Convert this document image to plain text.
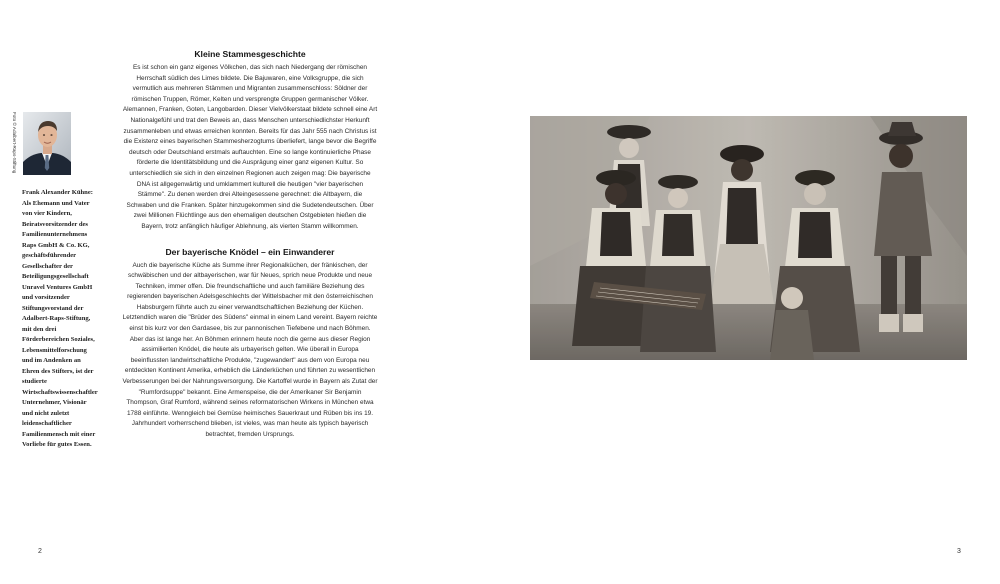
Foto © Adalbert-Raps-Stiftung
Frank Alexander Kühne: Als Ehemann und Vater von vier Kindern, Beiratsvorsitzender des Familienunternehmens Raps GmbH & Co. KG, geschäftsführender Gesellschafter der Beteiligungsgesellschaft Unravel Ventures GmbH und vorsitzender Stiftungsvorstand der Adalbert-Raps-Stiftung, mit den drei Förderbereichen Soziales, Lebensmittelforschung und im Andenken an Ehren des Stifters, ist der studierte Wirtschaftswissenschaftler Unternehmer, Visionär und nicht zuletzt leidenschaftlicher Familienmensch mit einer Vorliebe für gutes Essen.
Kleine Stammesgeschichte

Es ist schon ein ganz eigenes Völkchen, das sich nach Niedergang der römischen Herrschaft südlich des Limes bildete. Die Bajuwaren, eine Volksgruppe, die sich vermutlich aus mehreren Stämmen und Migranten zusammenschloss: Söldner der römischen Truppen, Römer, Kelten und versprengte Gruppen germanischer Völker. Alemannen, Franken, Goten, Langobarden. Dieser Vielvölkerstaat bildete schnell eine Art Nationalgefühl und trat den Beweis an, dass Menschen unterschiedlichster Herkunft zusammenleben und etwas erreichen konnten. Bereits für das Jahr 555 nach Christus ist die Existenz eines bayerischen Stammesherzogtums überliefert, lange bevor die Begriffe deutsch oder Deutschland erstmals auftauchten. Eine so lange kontinuierliche Phase förderte die Identitätsbildung und die Ausprägung einer ganz eigenen Kultur. So unterschiedlich sie sich in den einzelnen Regionen auch zeigen mag: Die bayerische DNA ist allgegenwärtig und umklammert kulturell die heutigen "vier bayerischen Stämme". Zu denen werden drei Alteingesessene gerechnet: die Altbayern, die Schwaben und die Franken. Später hinzugekommen sind die Sudetendeutschen. Über zwei Millionen Flüchtlinge aus den ehemaligen deutschen Ostgebieten hießen die Bayern, trotz anfänglich häufiger Ablehnung, als vierten Stamm willkommen.

Der bayerische Knödel – ein Einwanderer

Auch die bayerische Küche als Summe ihrer Regionalküchen, der fränkischen, der schwäbischen und der altbayerischen, war für Neues, sprich neue Produkte und neue Techniken, immer offen. Die freundschaftliche und auch familiäre Beziehung des regierenden bayerischen Adelsgeschlechts der Wittelsbacher mit den österreichischen Habsburgern führte auch zu einer verwandtschaftlichen Beziehung der Küchen. Letztendlich waren die "Brüder des Südens" einmal in einem Land vereint. Bayern reichte einst bis kurz vor den Gardasee, bis zur pannonischen Tiefebene und nach Böhmen. Aber das ist lange her. An Böhmen erinnern heute noch die gerne aus dieser Region assimilierten Knödel, die heute als urbayerisch gelten. Wie überall in Europa beeinflussten landwirtschaftliche Produkte, "zugewandert" aus dem von Europa neu entdeckten Kontinent Amerika, erheblich die Länderküchen und führten zu wesentlichen Verbesserungen bei der Nahrungsversorgung. Die Kartoffel wurde in Bayern als Zutat der "Rumfordsuppe" bekannt. Eine Armenspeise, die der Amerikaner Sir Benjamin Thompson, Graf Rumford, während seines reformatorischen Wirkens in München etwa 1788 einführte. Wenngleich bei Gemüse heimisches Sauerkraut und Rüben bis ins 19. Jahrhundert vorherrschend blieben, ist vieles, was man heute als typisch bayerisch betrachtet, fremden Ursprungs.

2	3
